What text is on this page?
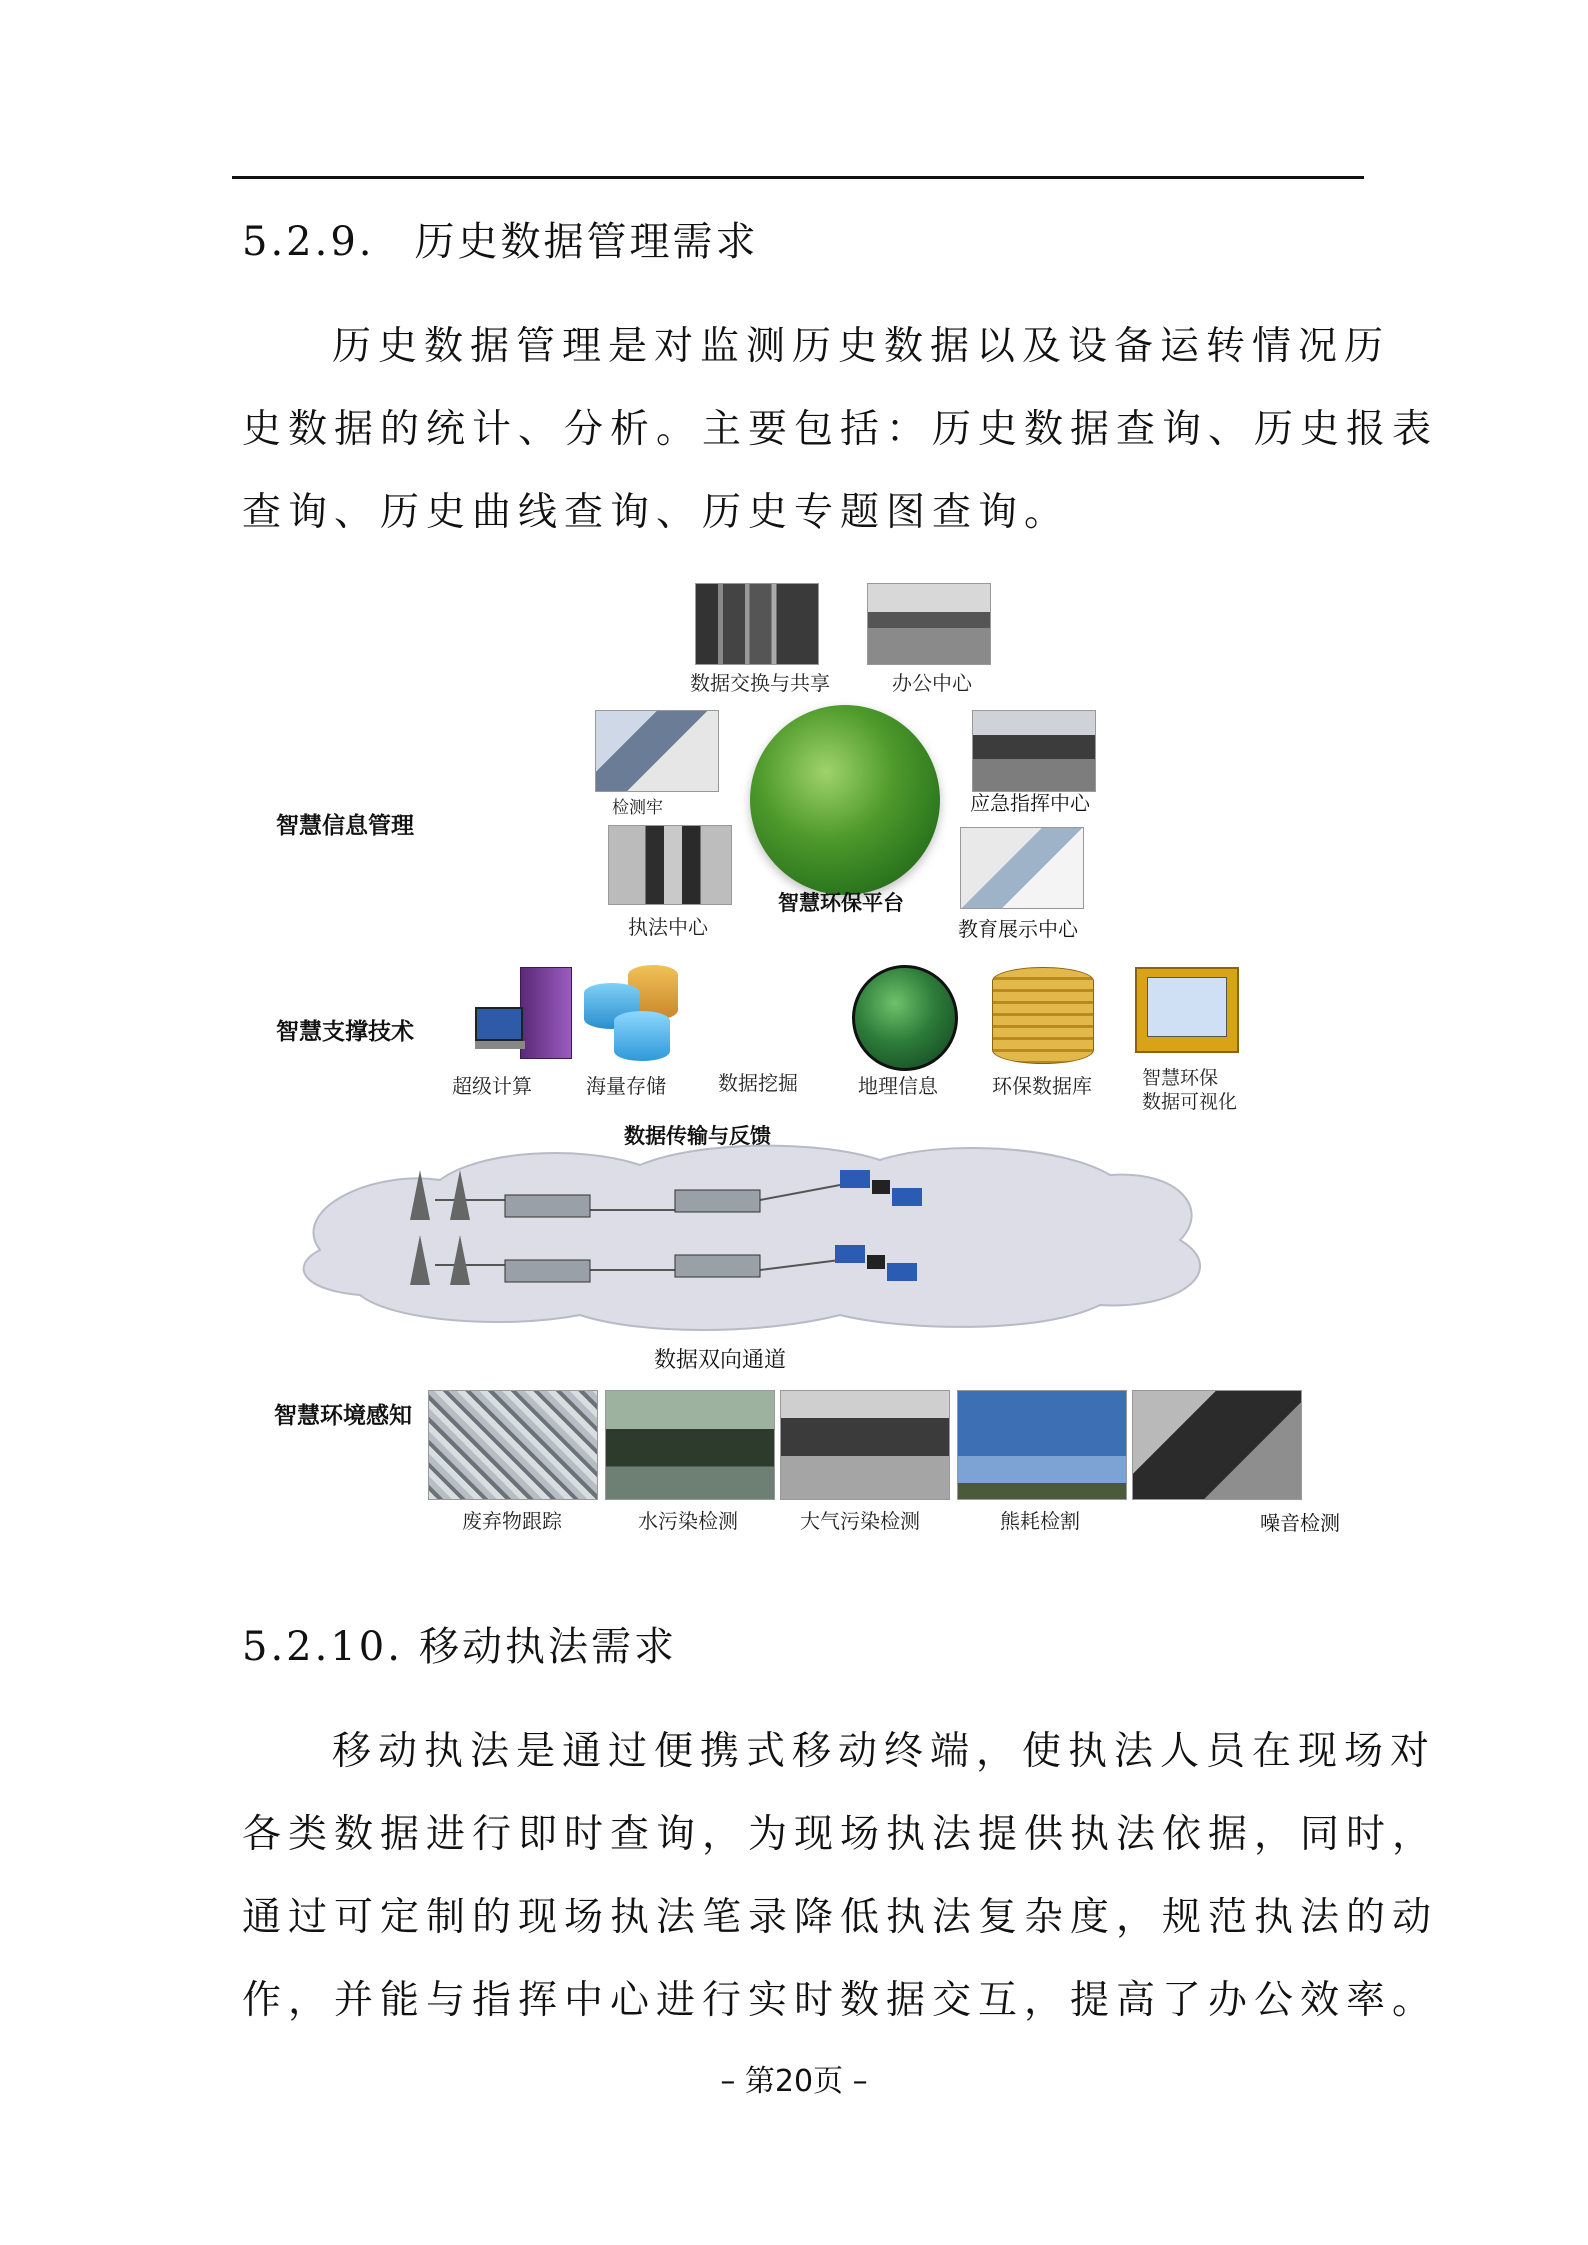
5.2.9. 历史数据管理需求
历史数据管理是对监测历史数据以及设备运转情况历
史数据的统计、分析。主要包括：历史数据查询、历史报表
查询、历史曲线查询、历史专题图查询。
数据交换与共享	办公中心
智慧环保平台
智慧信息管理
检测牢	应急指挥中心
执法中心	教育展示中心
智慧支撑技术
超级计算	海量存储	数据挖掘	地理信息	环保数据库	智慧环保
数据可视化
数据传输与反馈
数据双向通道
智慧环境感知
废弃物跟踪	水污染检测	大气污染检测	熊耗检割	噪音检测
5.2.10. 移动执法需求
移动执法是通过便携式移动终端，使执法人员在现场对
各类数据进行即时查询，为现场执法提供执法依据，同时，
通过可定制的现场执法笔录降低执法复杂度，规范执法的动
作，并能与指挥中心进行实时数据交互，提高了办公效率。
– 第20页 –
